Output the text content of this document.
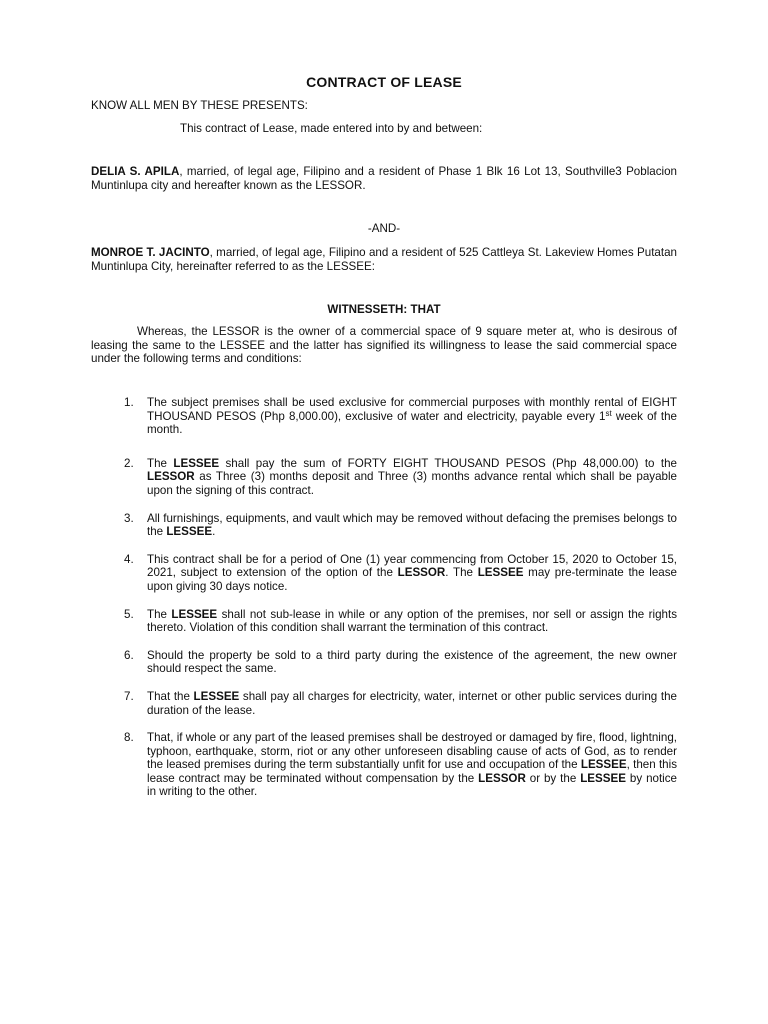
CONTRACT OF LEASE
KNOW ALL MEN BY THESE PRESENTS:
This contract of Lease, made entered into by and between:
DELIA S. APILA, married, of legal age, Filipino and a resident of Phase 1 Blk 16 Lot 13, Southville3 Poblacion Muntinlupa city and hereafter known as the LESSOR.
-AND-
MONROE T. JACINTO, married, of legal age, Filipino and a resident of 525 Cattleya St. Lakeview Homes Putatan Muntinlupa City, hereinafter referred to as the LESSEE:
WITNESSETH: THAT
Whereas, the LESSOR is the owner of a commercial space of 9 square meter at, who is desirous of leasing the same to the LESSEE and the latter has signified its willingness to lease the said commercial space under the following terms and conditions:
1. The subject premises shall be used exclusive for commercial purposes with monthly rental of EIGHT THOUSAND PESOS (Php 8,000.00), exclusive of water and electricity, payable every 1st week of the month.
2. The LESSEE shall pay the sum of FORTY EIGHT THOUSAND PESOS (Php 48,000.00) to the LESSOR as Three (3) months deposit and Three (3) months advance rental which shall be payable upon the signing of this contract.
3. All furnishings, equipments, and vault which may be removed without defacing the premises belongs to the LESSEE.
4. This contract shall be for a period of One (1) year commencing from October 15, 2020 to October 15, 2021, subject to extension of the option of the LESSOR. The LESSEE may pre-terminate the lease upon giving 30 days notice.
5. The LESSEE shall not sub-lease in while or any option of the premises, nor sell or assign the rights thereto. Violation of this condition shall warrant the termination of this contract.
6. Should the property be sold to a third party during the existence of the agreement, the new owner should respect the same.
7. That the LESSEE shall pay all charges for electricity, water, internet or other public services during the duration of the lease.
8. That, if whole or any part of the leased premises shall be destroyed or damaged by fire, flood, lightning, typhoon, earthquake, storm, riot or any other unforeseen disabling cause of acts of God, as to render the leased premises during the term substantially unfit for use and occupation of the LESSEE, then this lease contract may be terminated without compensation by the LESSOR or by the LESSEE by notice in writing to the other.
